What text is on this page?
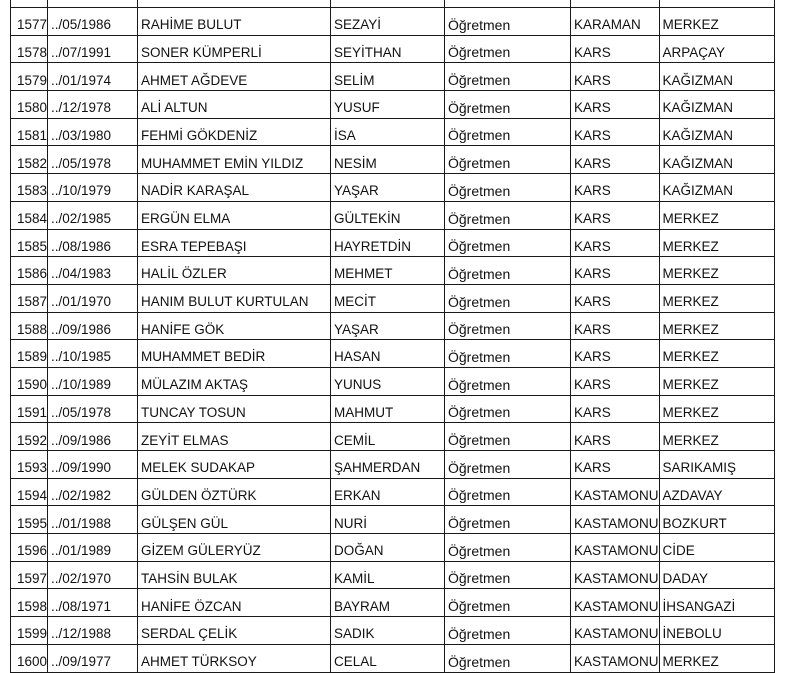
1577	../05/1986	RAHİME BULUT	SEZAYİ	Öğretmen	KARAMAN	MERKEZ
1578	../07/1991	SONER KÜMPERLİ	SEYİTHAN	Öğretmen	KARS	ARPAÇAY
1579	../01/1974	AHMET AĞDEVE	SELİM	Öğretmen	KARS	KAĞIZMAN
1580	../12/1978	ALİ ALTUN	YUSUF	Öğretmen	KARS	KAĞIZMAN
1581	../03/1980	FEHMİ GÖKDENİZ	İSA	Öğretmen	KARS	KAĞIZMAN
1582	../05/1978	MUHAMMET EMİN YILDIZ	NESİM	Öğretmen	KARS	KAĞIZMAN
1583	../10/1979	NADİR KARAŞAL	YAŞAR	Öğretmen	KARS	KAĞIZMAN
1584	../02/1985	ERGÜN ELMA	GÜLTEKİN	Öğretmen	KARS	MERKEZ
1585	../08/1986	ESRA TEPEBAŞI	HAYRETDİN	Öğretmen	KARS	MERKEZ
1586	../04/1983	HALİL ÖZLER	MEHMET	Öğretmen	KARS	MERKEZ
1587	../01/1970	HANIM BULUT KURTULAN	MECİT	Öğretmen	KARS	MERKEZ
1588	../09/1986	HANİFE GÖK	YAŞAR	Öğretmen	KARS	MERKEZ
1589	../10/1985	MUHAMMET BEDİR	HASAN	Öğretmen	KARS	MERKEZ
1590	../10/1989	MÜLAZIM AKTAŞ	YUNUS	Öğretmen	KARS	MERKEZ
1591	../05/1978	TUNCAY TOSUN	MAHMUT	Öğretmen	KARS	MERKEZ
1592	../09/1986	ZEYİT ELMAS	CEMİL	Öğretmen	KARS	MERKEZ
1593	../09/1990	MELEK SUDAKAP	ŞAHMERDAN	Öğretmen	KARS	SARIKAMIŞ
1594	../02/1982	GÜLDEN ÖZTÜRK	ERKAN	Öğretmen	KASTAMONU	AZDAVAY
1595	../01/1988	GÜLŞEN GÜL	NURİ	Öğretmen	KASTAMONU	BOZKURT
1596	../01/1989	GİZEM GÜLERYÜZ	DOĞAN	Öğretmen	KASTAMONU	CİDE
1597	../02/1970	TAHSİN BULAK	KAMİL	Öğretmen	KASTAMONU	DADAY
1598	../08/1971	HANİFE ÖZCAN	BAYRAM	Öğretmen	KASTAMONU	İHSANGAZİ
1599	../12/1988	SERDAL ÇELİK	SADIK	Öğretmen	KASTAMONU	İNEBOLU
1600	../09/1977	AHMET TÜRKSOY	CELAL	Öğretmen	KASTAMONU	MERKEZ
